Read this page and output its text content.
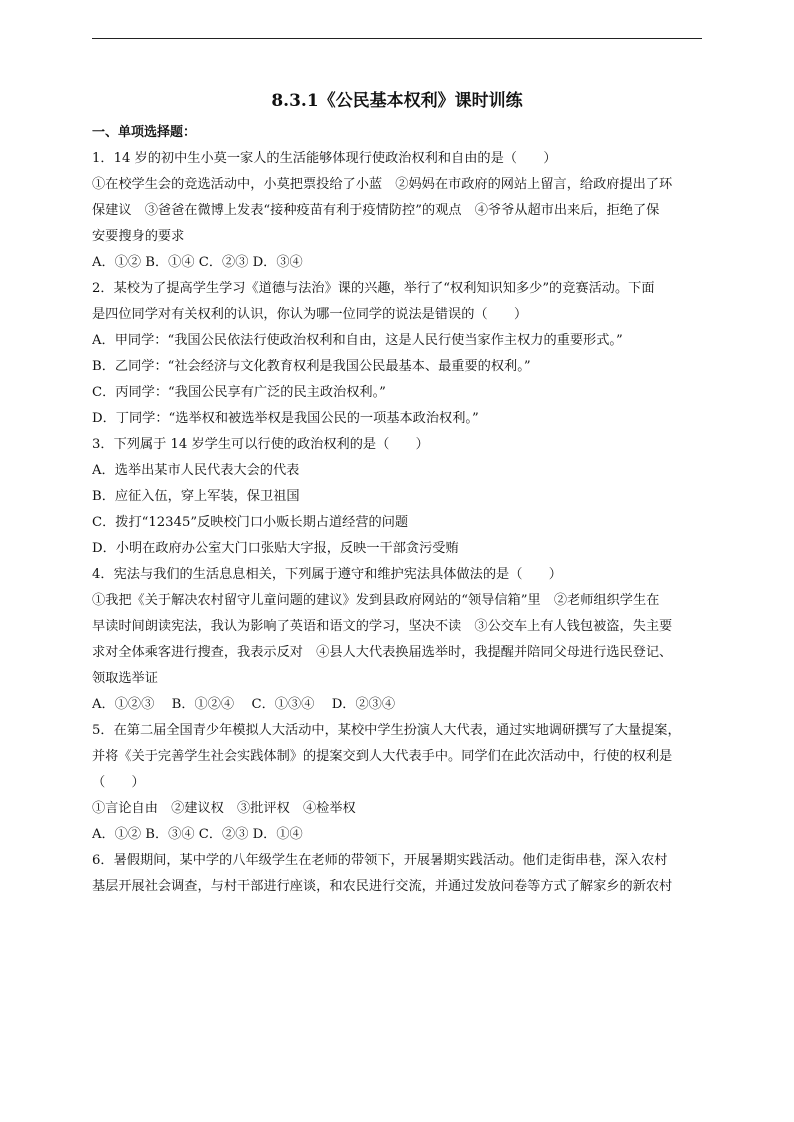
8.3.1《公民基本权利》课时训练

一、单项选择题：

1．14 岁的初中生小莫一家人的生活能够体现行使政治权利和自由的是（　　）

①在校学生会的竞选活动中，小莫把票投给了小蓝　②妈妈在市政府的网站上留言，给政府提出了环

保建议　③爸爸在微博上发表“接种疫苗有利于疫情防控”的观点　④爷爷从超市出来后，拒绝了保

安要搜身的要求

A．①② B．①④ C．②③ D．③④

2．某校为了提高学生学习《道德与法治》课的兴趣，举行了“权利知识知多少”的竞赛活动。下面

是四位同学对有关权利的认识，你认为哪一位同学的说法是错误的（　　）

A．甲同学：“我国公民依法行使政治权利和自由，这是人民行使当家作主权力的重要形式。”

B．乙同学：“社会经济与文化教育权利是我国公民最基本、最重要的权利。”

C．丙同学：“我国公民享有广泛的民主政治权利。”

D．丁同学：“选举权和被选举权是我国公民的一项基本政治权利。”

3．下列属于 14 岁学生可以行使的政治权利的是（　　）

A．选举出某市人民代表大会的代表

B．应征入伍，穿上军装，保卫祖国

C．拨打“12345”反映校门口小贩长期占道经营的问题

D．小明在政府办公室大门口张贴大字报，反映一干部贪污受贿

4．宪法与我们的生活息息相关，下列属于遵守和维护宪法具体做法的是（　　）

①我把《关于解决农村留守儿童问题的建议》发到县政府网站的“领导信箱”里　②老师组织学生在

早读时间朗读宪法，我认为影响了英语和语文的学习，坚决不读　③公交车上有人钱包被盗，失主要

求对全体乘客进行搜查，我表示反对　④县人大代表换届选举时，我提醒并陪同父母进行选民登记、

领取选举证

A．①②③　 B．①②④　 C．①③④　 D．②③④

5．在第二届全国青少年模拟人大活动中，某校中学生扮演人大代表，通过实地调研撰写了大量提案，

并将《关于完善学生社会实践体制》的提案交到人大代表手中。同学们在此次活动中，行使的权利是

（　　）

①言论自由　②建议权　③批评权　④检举权

A．①② B．③④ C．②③ D．①④

6．暑假期间，某中学的八年级学生在老师的带领下，开展暑期实践活动。他们走街串巷，深入农村

基层开展社会调查，与村干部进行座谈，和农民进行交流，并通过发放问卷等方式了解家乡的新农村
